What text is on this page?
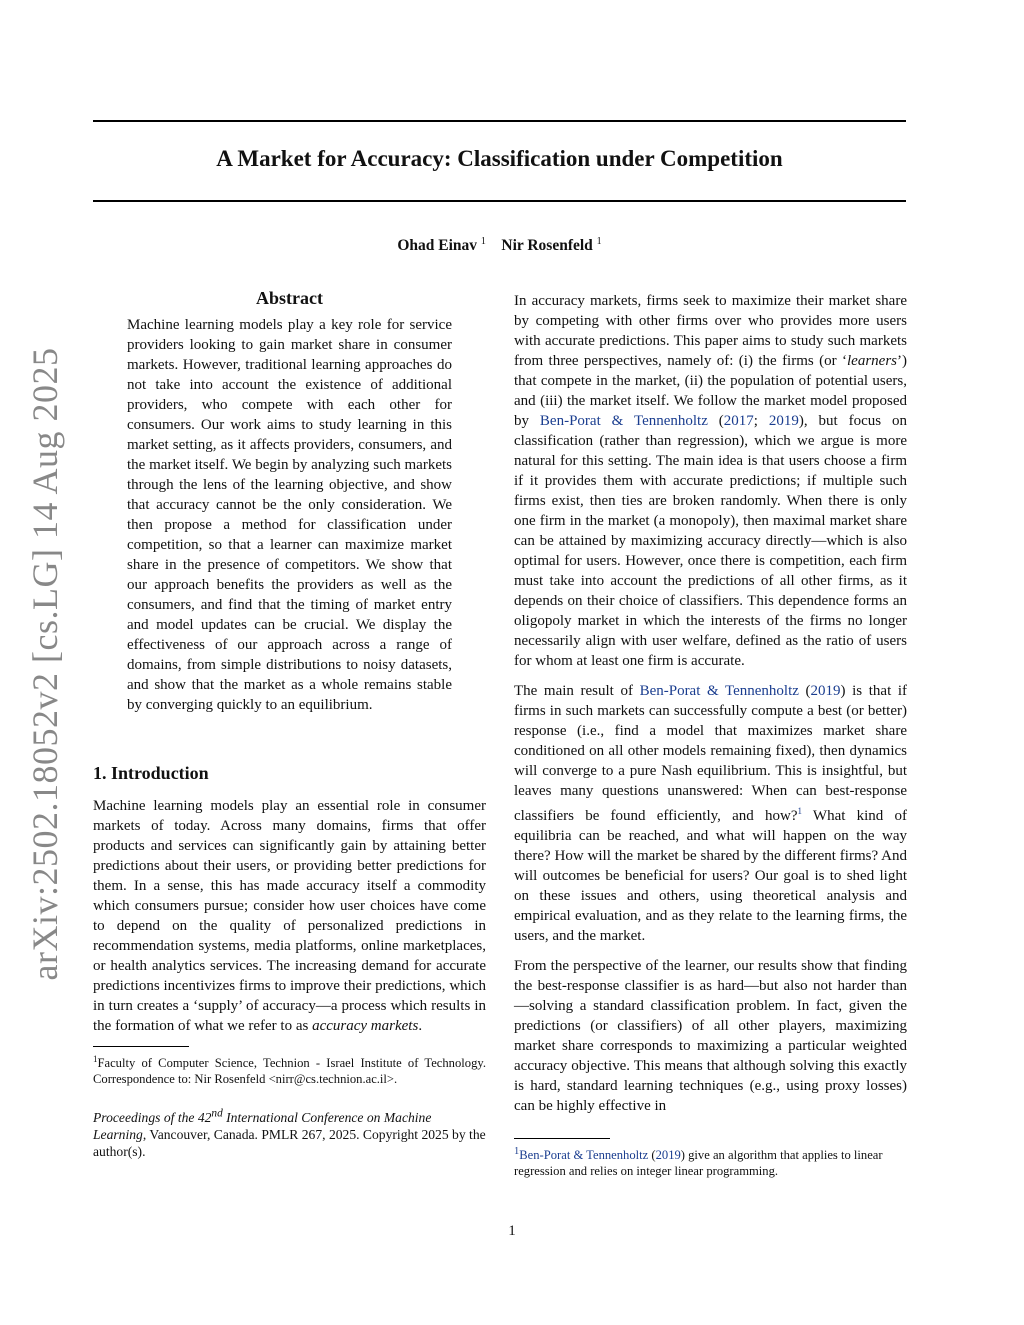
A Market for Accuracy: Classification under Competition
Ohad Einav $^1$ Nir Rosenfeld $^1$
arXiv:2502.18052v2 [cs.LG] 14 Aug 2025
Abstract
Machine learning models play a key role for service providers looking to gain market share in consumer markets. However, traditional learning approaches do not take into account the existence of additional providers, who compete with each other for consumers. Our work aims to study learning in this market setting, as it affects providers, consumers, and the market itself. We begin by analyzing such markets through the lens of the learning objective, and show that accuracy cannot be the only consideration. We then propose a method for classification under competition, so that a learner can maximize market share in the presence of competitors. We show that our approach benefits the providers as well as the consumers, and find that the timing of market entry and model updates can be crucial. We display the effectiveness of our approach across a range of domains, from simple distributions to noisy datasets, and show that the market as a whole remains stable by converging quickly to an equilibrium.
1. Introduction

Machine learning models play an essential role in consumer markets of today. Across many domains, firms that offer products and services can significantly gain by attaining better predictions about their users, or providing better predictions for them. In a sense, this has made accuracy itself a commodity which consumers pursue; consider how user choices have come to depend on the quality of personalized predictions in recommendation systems, media platforms, online marketplaces, or health analytics services. The increasing demand for accurate predictions incentivizes firms to improve their predictions, which in turn creates a ‘supply’ of accuracy—a process which results in the formation of what we refer to as accuracy markets.

$^1$Faculty of Computer Science, Technion - Israel Institute of Technology. Correspondence to: Nir Rosenfeld <nirr@cs.technion.ac.il>.
Proceedings of the 42nd International Conference on Machine Learning, Vancouver, Canada. PMLR 267, 2025. Copyright 2025 by the author(s).

In accuracy markets, firms seek to maximize their market share by competing with other firms over who provides more users with accurate predictions. This paper aims to study such markets from three perspectives, namely of: (i) the firms (or ‘learners’) that compete in the market, (ii) the population of potential users, and (iii) the market itself. We follow the market model proposed by Ben-Porat & Tennenholtz (2017; 2019), but focus on classification (rather than regression), which we argue is more natural for this setting. The main idea is that users choose a firm if it provides them with accurate predictions; if multiple such firms exist, then ties are broken randomly. When there is only one firm in the market (a monopoly), then maximal market share can be attained by maximizing accuracy directly—which is also optimal for users. However, once there is competition, each firm must take into account the predictions of all other firms, as it depends on their choice of classifiers. This dependence forms an oligopoly market in which the interests of the firms no longer necessarily align with user welfare, defined as the ratio of users for whom at least one firm is accurate.

The main result of Ben-Porat & Tennenholtz (2019) is that if firms in such markets can successfully compute a best (or better) response (i.e., find a model that maximizes market share conditioned on all other models remaining fixed), then dynamics will converge to a pure Nash equilibrium. This is insightful, but leaves many questions unanswered: When can best-response classifiers be found efficiently, and how?$^1$ What kind of equilibria can be reached, and what will happen on the way there? How will the market be shared by the different firms? And will outcomes be beneficial for users? Our goal is to shed light on these issues and others, using theoretical analysis and empirical evaluation, and as they relate to the learning firms, the users, and the market.

From the perspective of the learner, our results show that finding the best-response classifier is as hard—but also not harder than—solving a standard classification problem. In fact, given the predictions (or classifiers) of all other players, maximizing market share corresponds to maximizing a particular weighted accuracy objective. This means that although solving this exactly is hard, standard learning techniques (e.g., using proxy losses) can be highly effective in

$^1$Ben-Porat & Tennenholtz (2019) give an algorithm that applies to linear regression and relies on integer linear programming.
1
